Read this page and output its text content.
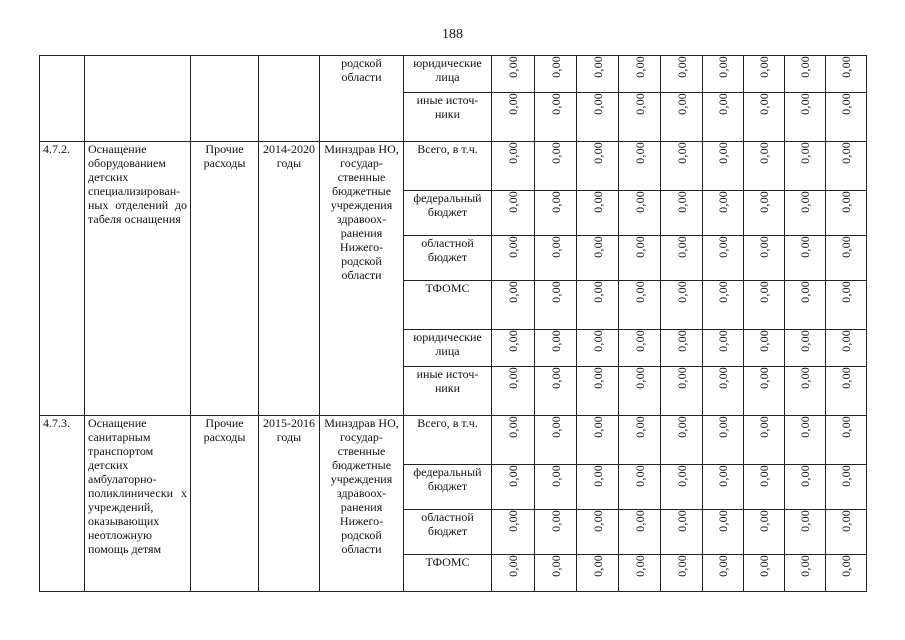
188
				родской области	юридические лица	0,00	0,00	0,00	0,00	0,00	0,00	0,00	0,00	0,00
					иные источ-ники	0,00	0,00	0,00	0,00	0,00	0,00	0,00	0,00	0,00
4.7.2.	Оснащение оборудованием детских специализирован-ных отделений до табеля оснащения	Прочие расходы	2014-2020 годы	Минздрав НО, государ-ственные бюджетные учреждения здравоох-ранения Нижего-родской области	Всего, в т.ч.	0,00	0,00	0,00	0,00	0,00	0,00	0,00	0,00	0,00
					федеральный бюджет	0,00	0,00	0,00	0,00	0,00	0,00	0,00	0,00	0,00
					областной бюджет	0,00	0,00	0,00	0,00	0,00	0,00	0,00	0,00	0,00
					ТФОМС	0,00	0,00	0,00	0,00	0,00	0,00	0,00	0,00	0,00
					юридические лица	0,00	0,00	0,00	0,00	0,00	0,00	0,00	0,00	0,00
					иные источ-ники	0,00	0,00	0,00	0,00	0,00	0,00	0,00	0,00	0,00
4.7.3.	Оснащение санитарным транспортом детских амбулаторно-поликлинически х учреждений, оказывающих неотложную помощь детям	Прочие расходы	2015-2016 годы	Минздрав НО, государ-ственные бюджетные учреждения здравоох-ранения Нижего-родской области	Всего, в т.ч.	0,00	0,00	0,00	0,00	0,00	0,00	0,00	0,00	0,00
					федеральный бюджет	0,00	0,00	0,00	0,00	0,00	0,00	0,00	0,00	0,00
					областной бюджет	0,00	0,00	0,00	0,00	0,00	0,00	0,00	0,00	0,00
					ТФОМС	0,00	0,00	0,00	0,00	0,00	0,00	0,00	0,00	0,00
